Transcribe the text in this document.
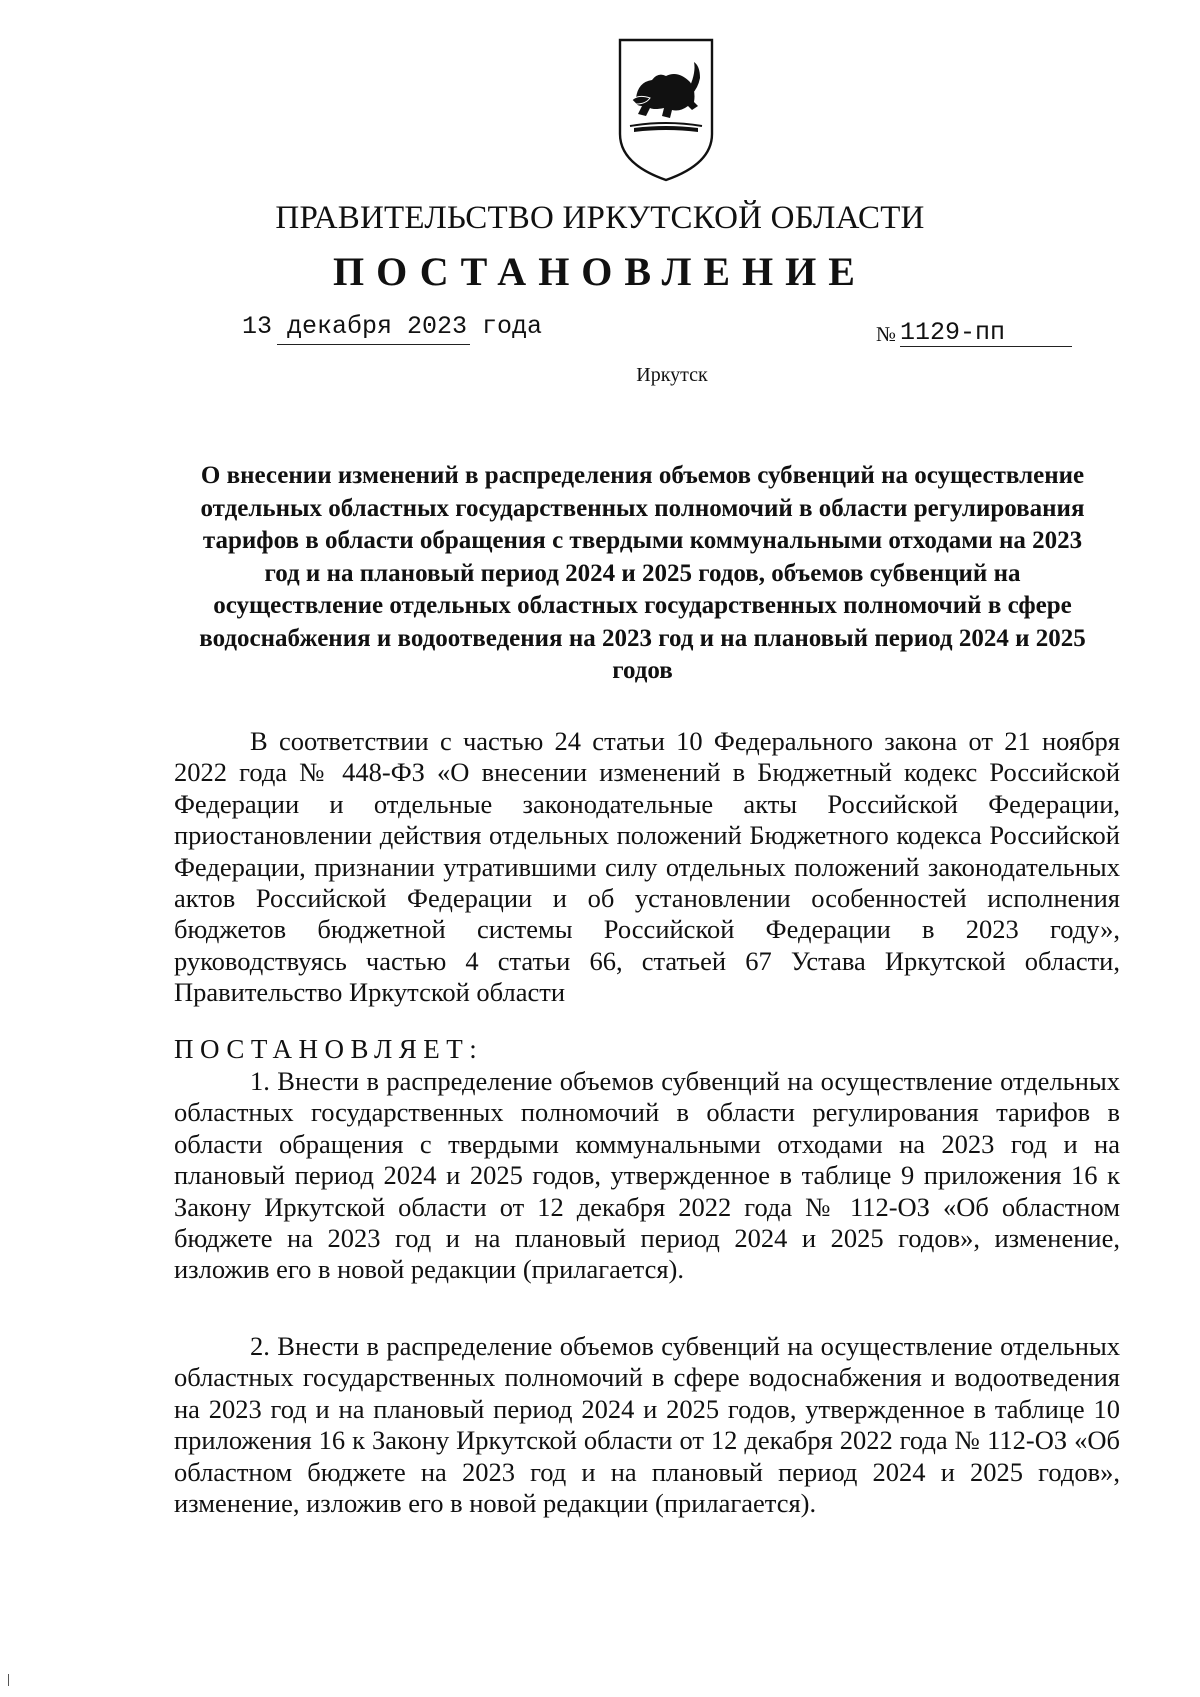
ПРАВИТЕЛЬСТВО ИРКУТСКОЙ ОБЛАСТИ
ПОСТАНОВЛЕНИЕ
13 декабря 2023 года	№ 1129-пп
Иркутск
О внесении изменений в распределения объемов субвенций на осуществление отдельных областных государственных полномочий в области регулирования тарифов в области обращения с твердыми коммунальными отходами на 2023 год и на плановый период 2024 и 2025 годов, объемов субвенций на осуществление отдельных областных государственных полномочий в сфере водоснабжения и водоотведения на 2023 год и на плановый период 2024 и 2025 годов
В соответствии с частью 24 статьи 10 Федерального закона от 21 ноября 2022 года № 448-ФЗ «О внесении изменений в Бюджетный кодекс Российской Федерации и отдельные законодательные акты Российской Федерации, приостановлении действия отдельных положений Бюджетного кодекса Российской Федерации, признании утратившими силу отдельных положений законодательных актов Российской Федерации и об установлении особенностей исполнения бюджетов бюджетной системы Российской Федерации в 2023 году», руководствуясь частью 4 статьи 66, статьей 67 Устава Иркутской области, Правительство Иркутской области
ПОСТАНОВЛЯЕТ:
1. Внести в распределение объемов субвенций на осуществление отдельных областных государственных полномочий в области регулирования тарифов в области обращения с твердыми коммунальными отходами на 2023 год и на плановый период 2024 и 2025 годов, утвержденное в таблице 9 приложения 16 к Закону Иркутской области от 12 декабря 2022 года № 112-ОЗ «Об областном бюджете на 2023 год и на плановый период 2024 и 2025 годов», изменение, изложив его в новой редакции (прилагается).
2. Внести в распределение объемов субвенций на осуществление отдельных областных государственных полномочий в сфере водоснабжения и водоотведения на 2023 год и на плановый период 2024 и 2025 годов, утвержденное в таблице 10 приложения 16 к Закону Иркутской области от 12 декабря 2022 года № 112-ОЗ «Об областном бюджете на 2023 год и на плановый период 2024 и 2025 годов», изменение, изложив его в новой редакции (прилагается).
